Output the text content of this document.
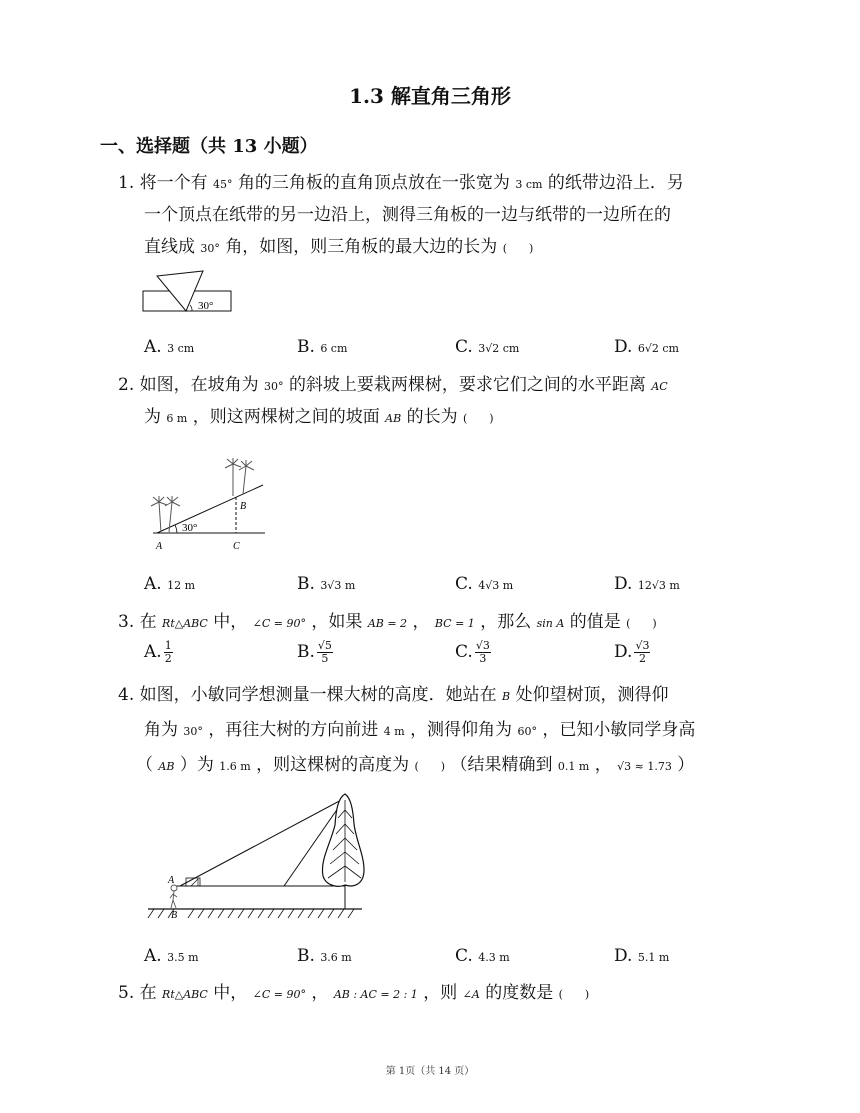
1.3 解直角三角形
一、选择题（共 13 小题）
1. 将一个有 45° 角的三角板的直角顶点放在一张宽为 3 cm 的纸带边沿上．另
一个顶点在纸带的另一边沿上，测得三角板的一边与纸带的一边所在的
直线成 30° 角，如图，则三角板的最大边的长为 (　　)
30°
A. 3 cm	B. 6 cm	C. 3√2 cm	D. 6√2 cm
2. 如图，在坡角为 30° 的斜坡上要栽两棵树，要求它们之间的水平距离 AC
为 6 m ，则这两棵树之间的坡面 AB 的长为 (　　)
30°
A
B
C
A. 12 m	B. 3√3 m	C. 4√3 m	D. 12√3 m
3. 在 Rt△ABC 中， ∠C = 90° ，如果 AB = 2 ， BC = 1 ，那么 sin A 的值是 (　　)
A. $\frac{1}{2}$	B. $\frac{√5}{5}$	C. $\frac{√3}{3}$	D. $\frac{√3}{2}$
4. 如图，小敏同学想测量一棵大树的高度．她站在 B 处仰望树顶，测得仰
角为 30° ，再往大树的方向前进 4 m ，测得仰角为 60° ，已知小敏同学身高
（ AB ）为 1.6 m ，则这棵树的高度为 (　　) （结果精确到 0.1 m ， √3 ≈ 1.73 ）
A
B
A. 3.5 m	B. 3.6 m	C. 4.3 m	D. 5.1 m
5. 在 Rt△ABC 中， ∠C = 90° ， AB : AC = 2 : 1 ，则 ∠A 的度数是 (　　)
第 1页（共 14 页）
